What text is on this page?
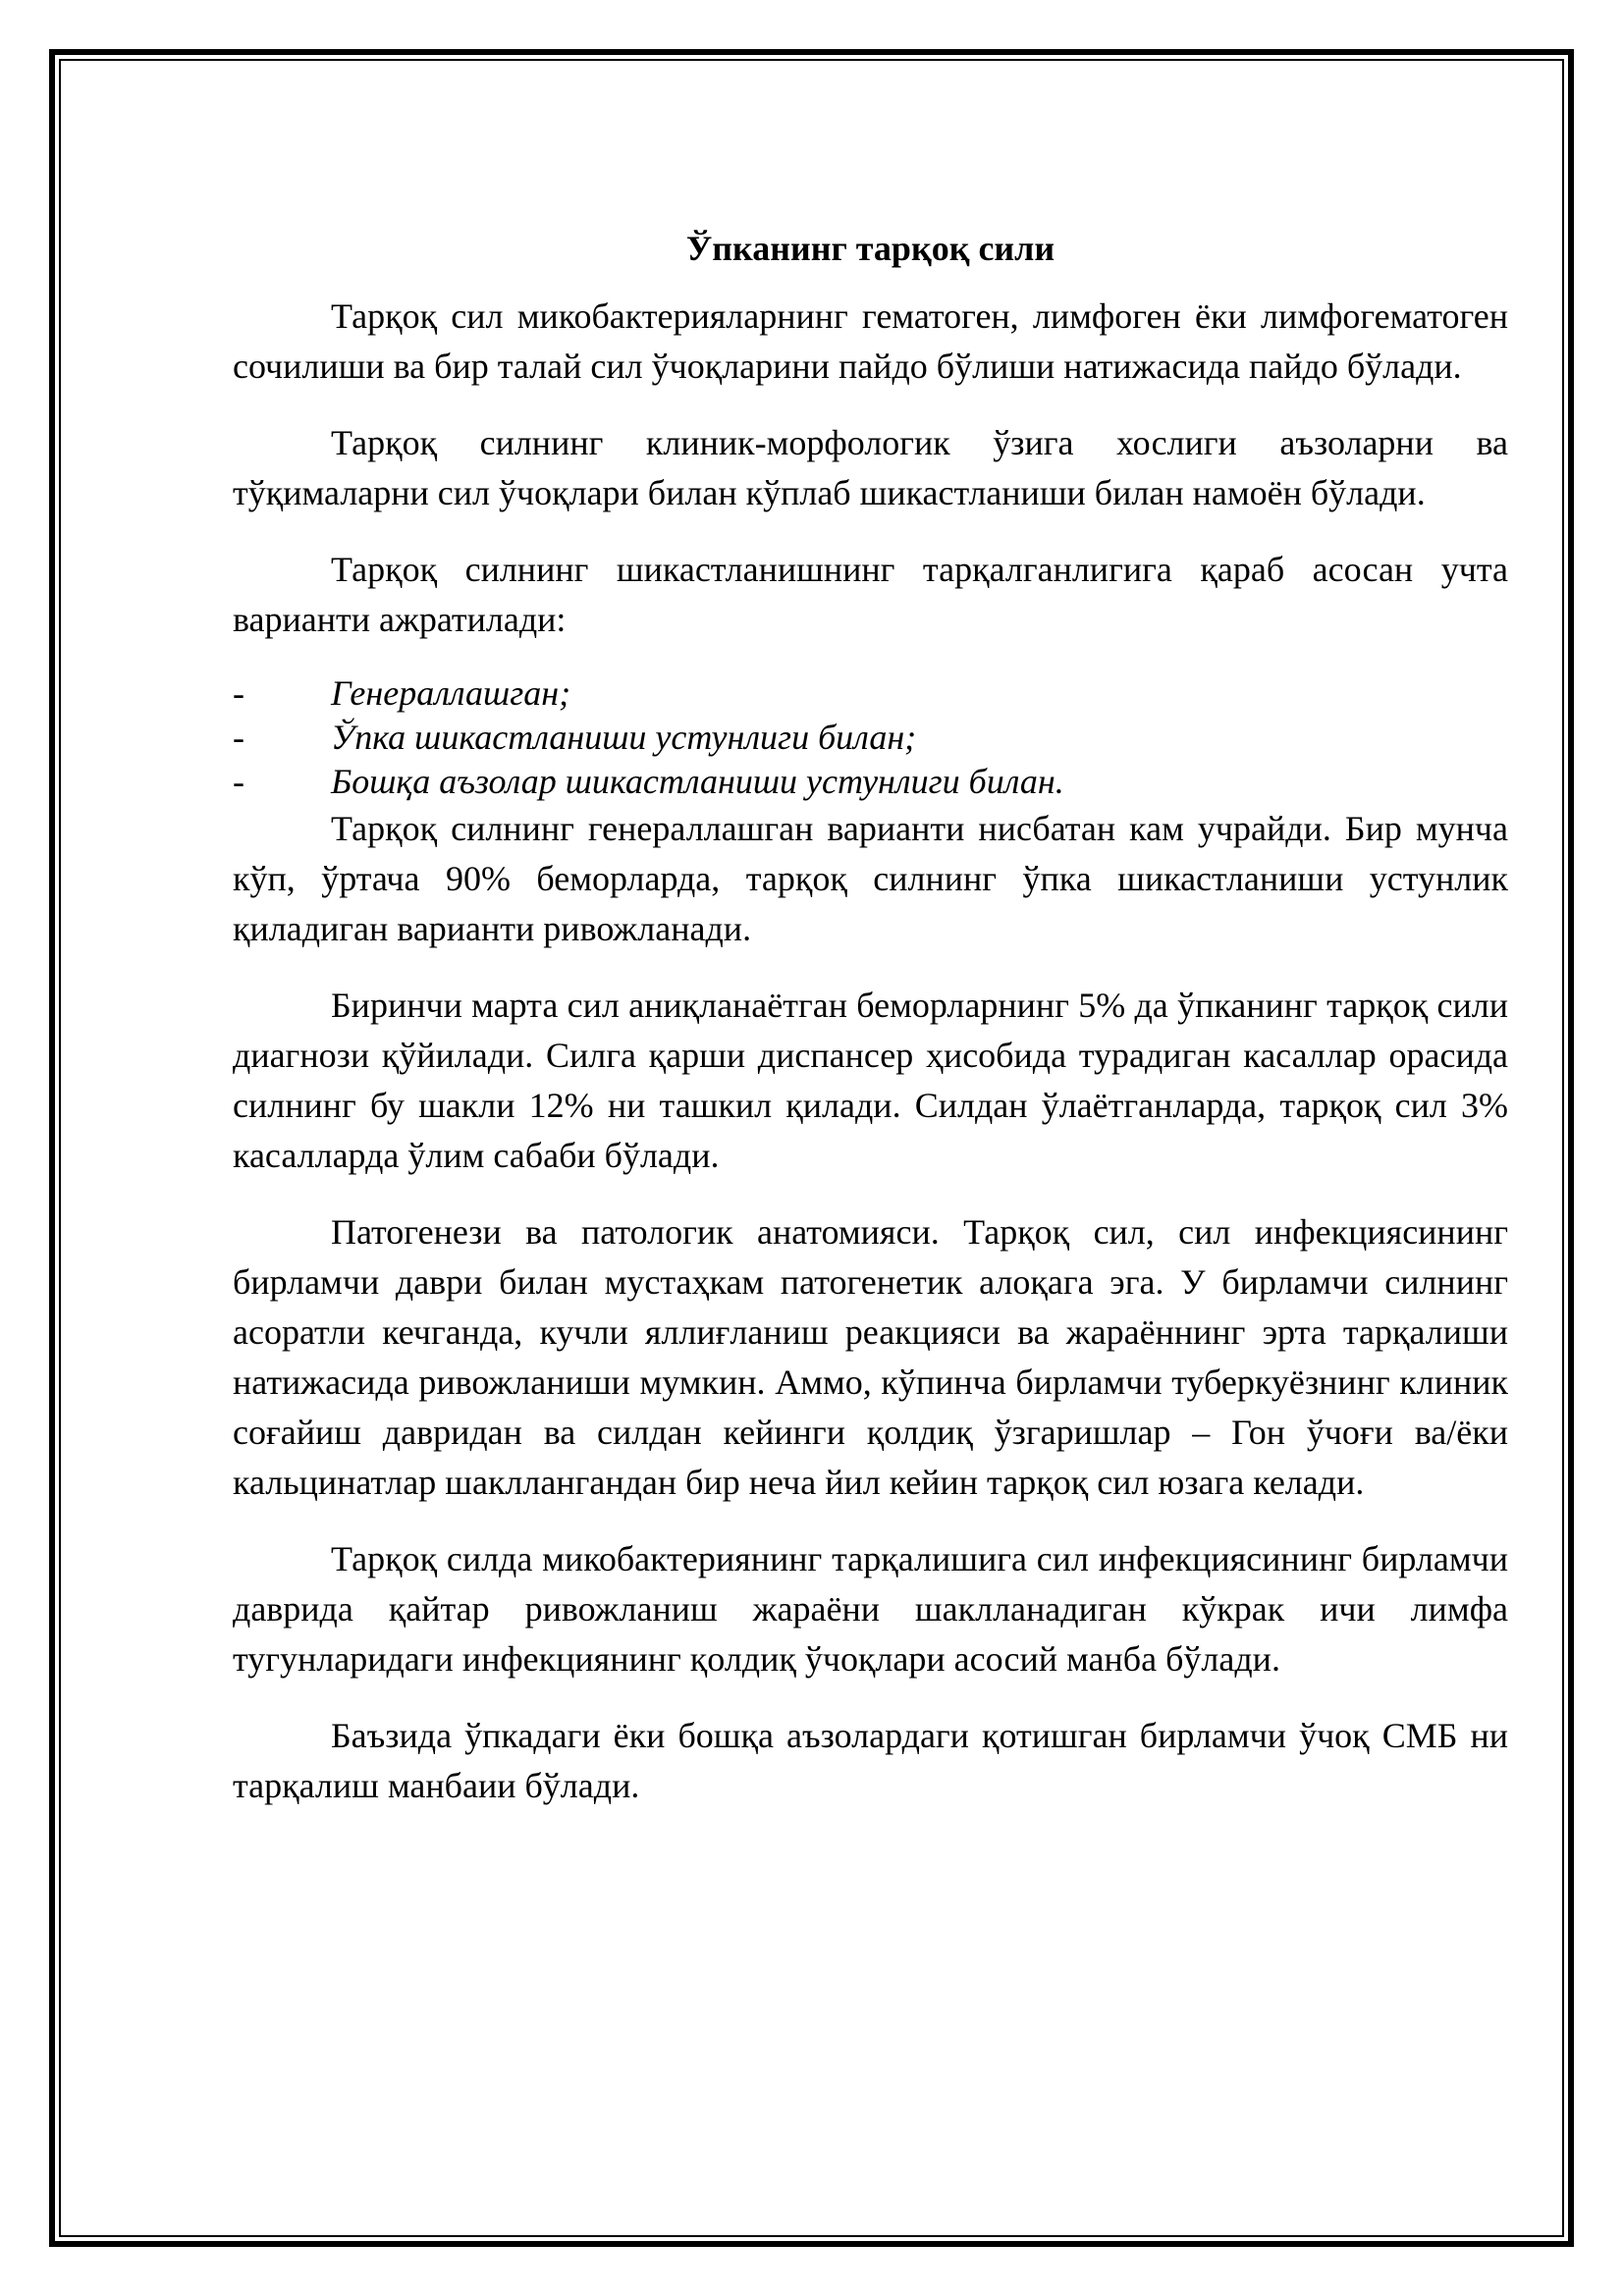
Ўпканинг тарқоқ сили

Тарқоқ сил микобактерияларнинг гематоген, лимфоген ёки лимфогематоген сочилиши ва бир талай сил ўчоқларини пайдо бўлиши натижасида пайдо бўлади.

Тарқоқ силнинг клиник-морфологик ўзига хослиги аъзоларни ва тўқималарни сил ўчоқлари билан кўплаб шикастланиши билан намоён бўлади.

Тарқоқ силнинг шикастланишнинг тарқалганлигига қараб асосан учта варианти ажратилади:

- Генераллашган;
- Ўпка шикастланиши устунлиги билан;
- Бошқа аъзолар шикастланиши устунлиги билан.

Тарқоқ силнинг генераллашган варианти нисбатан кам учрайди. Бир мунча кўп, ўртача 90% беморларда, тарқоқ силнинг ўпка шикастланиши устунлик қиладиган варианти ривожланади.

Биринчи марта сил аниқланаётган беморларнинг 5% да ўпканинг тарқоқ сили диагнози қўйилади. Силга қарши диспансер ҳисобида турадиган касаллар орасида силнинг бу шакли 12% ни ташкил қилади. Силдан ўлаётганларда, тарқоқ сил 3% касалларда ўлим сабаби бўлади.

Патогенези ва патологик анатомияси. Тарқоқ сил, сил инфекциясининг бирламчи даври билан мустаҳкам патогенетик алоқага эга. У бирламчи силнинг асоратли кечганда, кучли яллиғланиш реакцияси ва жараённинг эрта тарқалиши натижасида ривожланиши мумкин. Аммо, кўпинча бирламчи туберкуёзнинг клиник соғайиш давридан ва силдан кейинги қолдиқ ўзгаришлар – Гон ўчоғи ва/ёки кальцинатлар шакллангандан бир неча йил кейин тарқоқ сил юзага келади.

Тарқоқ силда микобактериянинг тарқалишига сил инфекциясининг бирламчи даврида қайтар ривожланиш жараёни шаклланадиган кўкрак ичи лимфа тугунларидаги инфекциянинг қолдиқ ўчоқлари асосий манба бўлади.

Баъзида ўпкадаги ёки бошқа аъзолардаги қотишган бирламчи ўчоқ СМБ ни тарқалиш манбаии бўлади.
